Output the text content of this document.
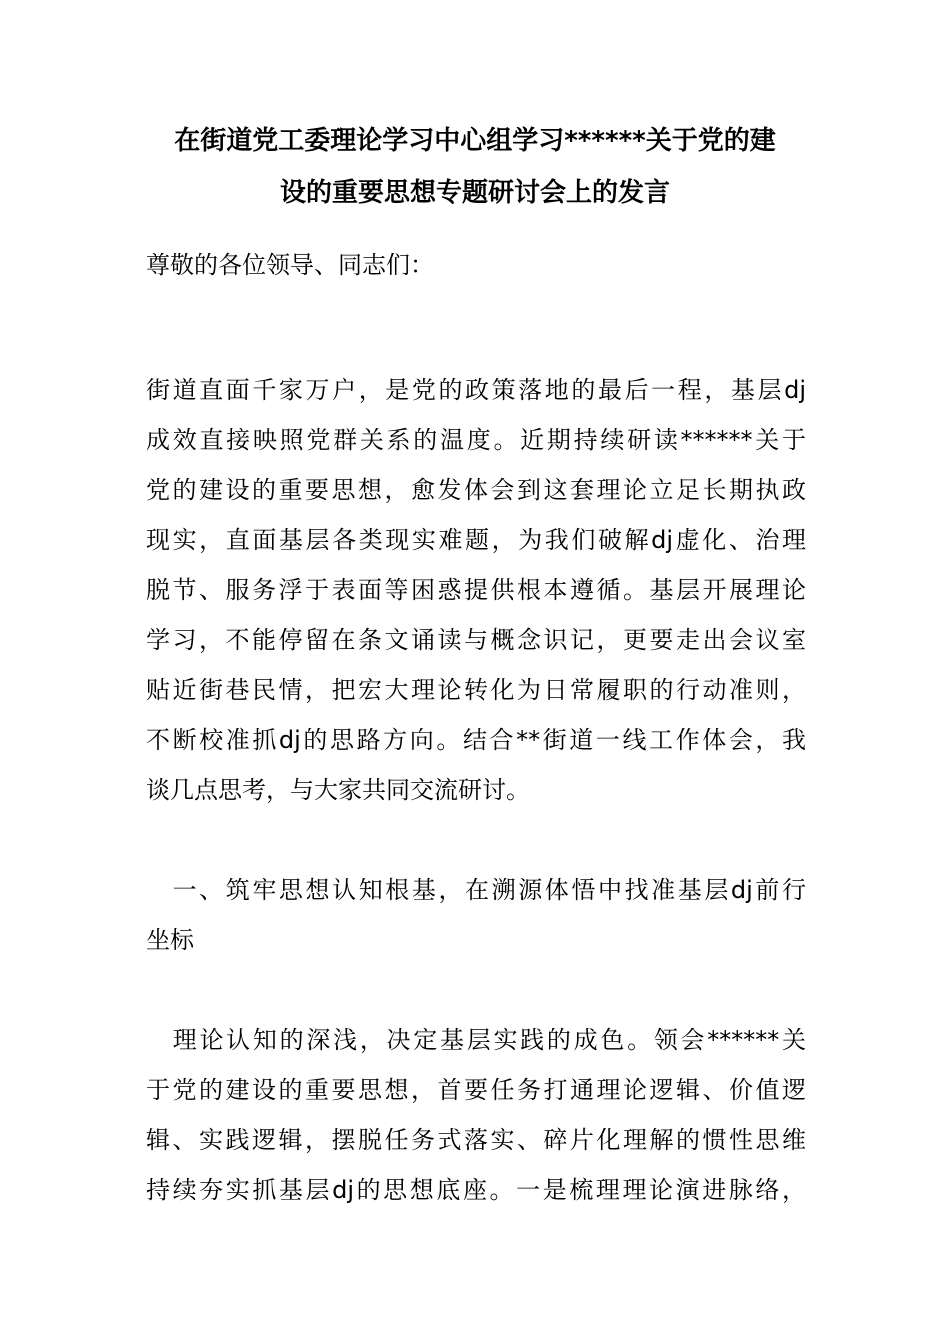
在街道党工委理论学习中心组学习******关于党的建
设的重要思想专题研讨会上的发言
尊敬的各位领导、同志们：
街道直面千家万户，是党的政策落地的最后一程，基层dj
成效直接映照党群关系的温度。近期持续研读******关于
党的建设的重要思想，愈发体会到这套理论立足长期执政
现实，直面基层各类现实难题，为我们破解dj虚化、治理
脱节、服务浮于表面等困惑提供根本遵循。基层开展理论
学习，不能停留在条文诵读与概念识记，更要走出会议室
贴近街巷民情，把宏大理论转化为日常履职的行动准则，
不断校准抓dj的思路方向。结合**街道一线工作体会，我
谈几点思考，与大家共同交流研讨。
　一、筑牢思想认知根基，在溯源体悟中找准基层dj前行
坐标
　理论认知的深浅，决定基层实践的成色。领会******关
于党的建设的重要思想，首要任务打通理论逻辑、价值逻
辑、实践逻辑，摆脱任务式落实、碎片化理解的惯性思维
持续夯实抓基层dj的思想底座。一是梳理理论演进脉络，
